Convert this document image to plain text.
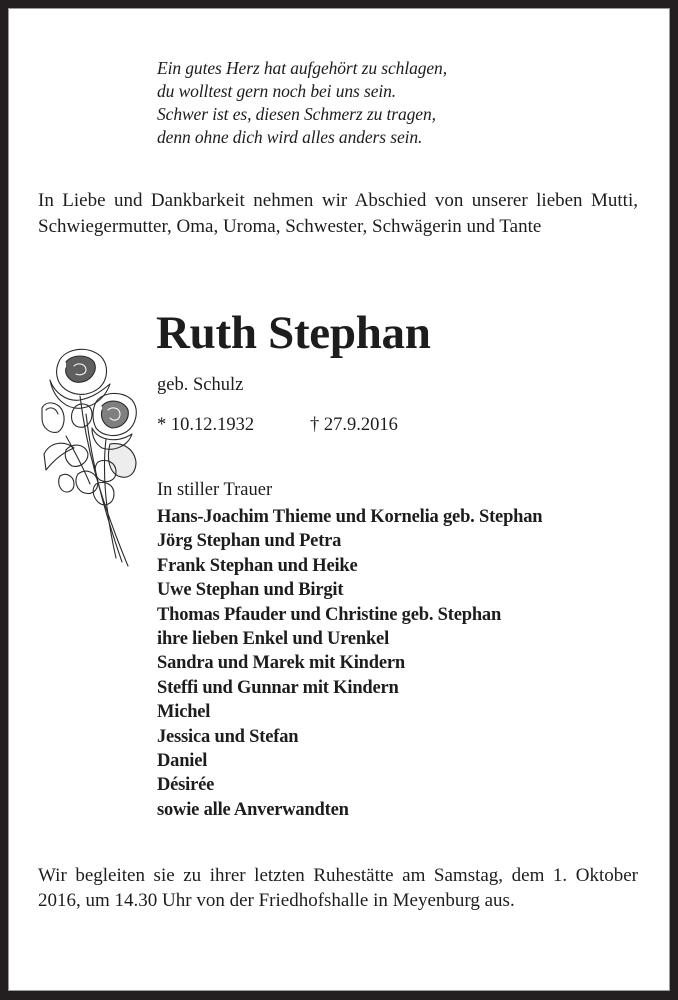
Ein gutes Herz hat aufgehört zu schlagen,
du wolltest gern noch bei uns sein.
Schwer ist es, diesen Schmerz zu tragen,
denn ohne dich wird alles anders sein.
In Liebe und Dankbarkeit nehmen wir Abschied von unserer lieben Mutti, Schwiegermutter, Oma, Uroma, Schwester, Schwägerin und Tante
Ruth Stephan
geb. Schulz
* 10.12.1932	† 27.9.2016
In stiller Trauer
Hans-Joachim Thieme und Kornelia geb. Stephan
Jörg Stephan und Petra
Frank Stephan und Heike
Uwe Stephan und Birgit
Thomas Pfauder und Christine geb. Stephan
ihre lieben Enkel und Urenkel
Sandra und Marek mit Kindern
Steffi und Gunnar mit Kindern
Michel
Jessica und Stefan
Daniel
Désirée
sowie alle Anverwandten
Wir begleiten sie zu ihrer letzten Ruhestätte am Samstag, dem 1. Oktober 2016, um 14.30 Uhr von der Friedhofshalle in Meyenburg aus.
